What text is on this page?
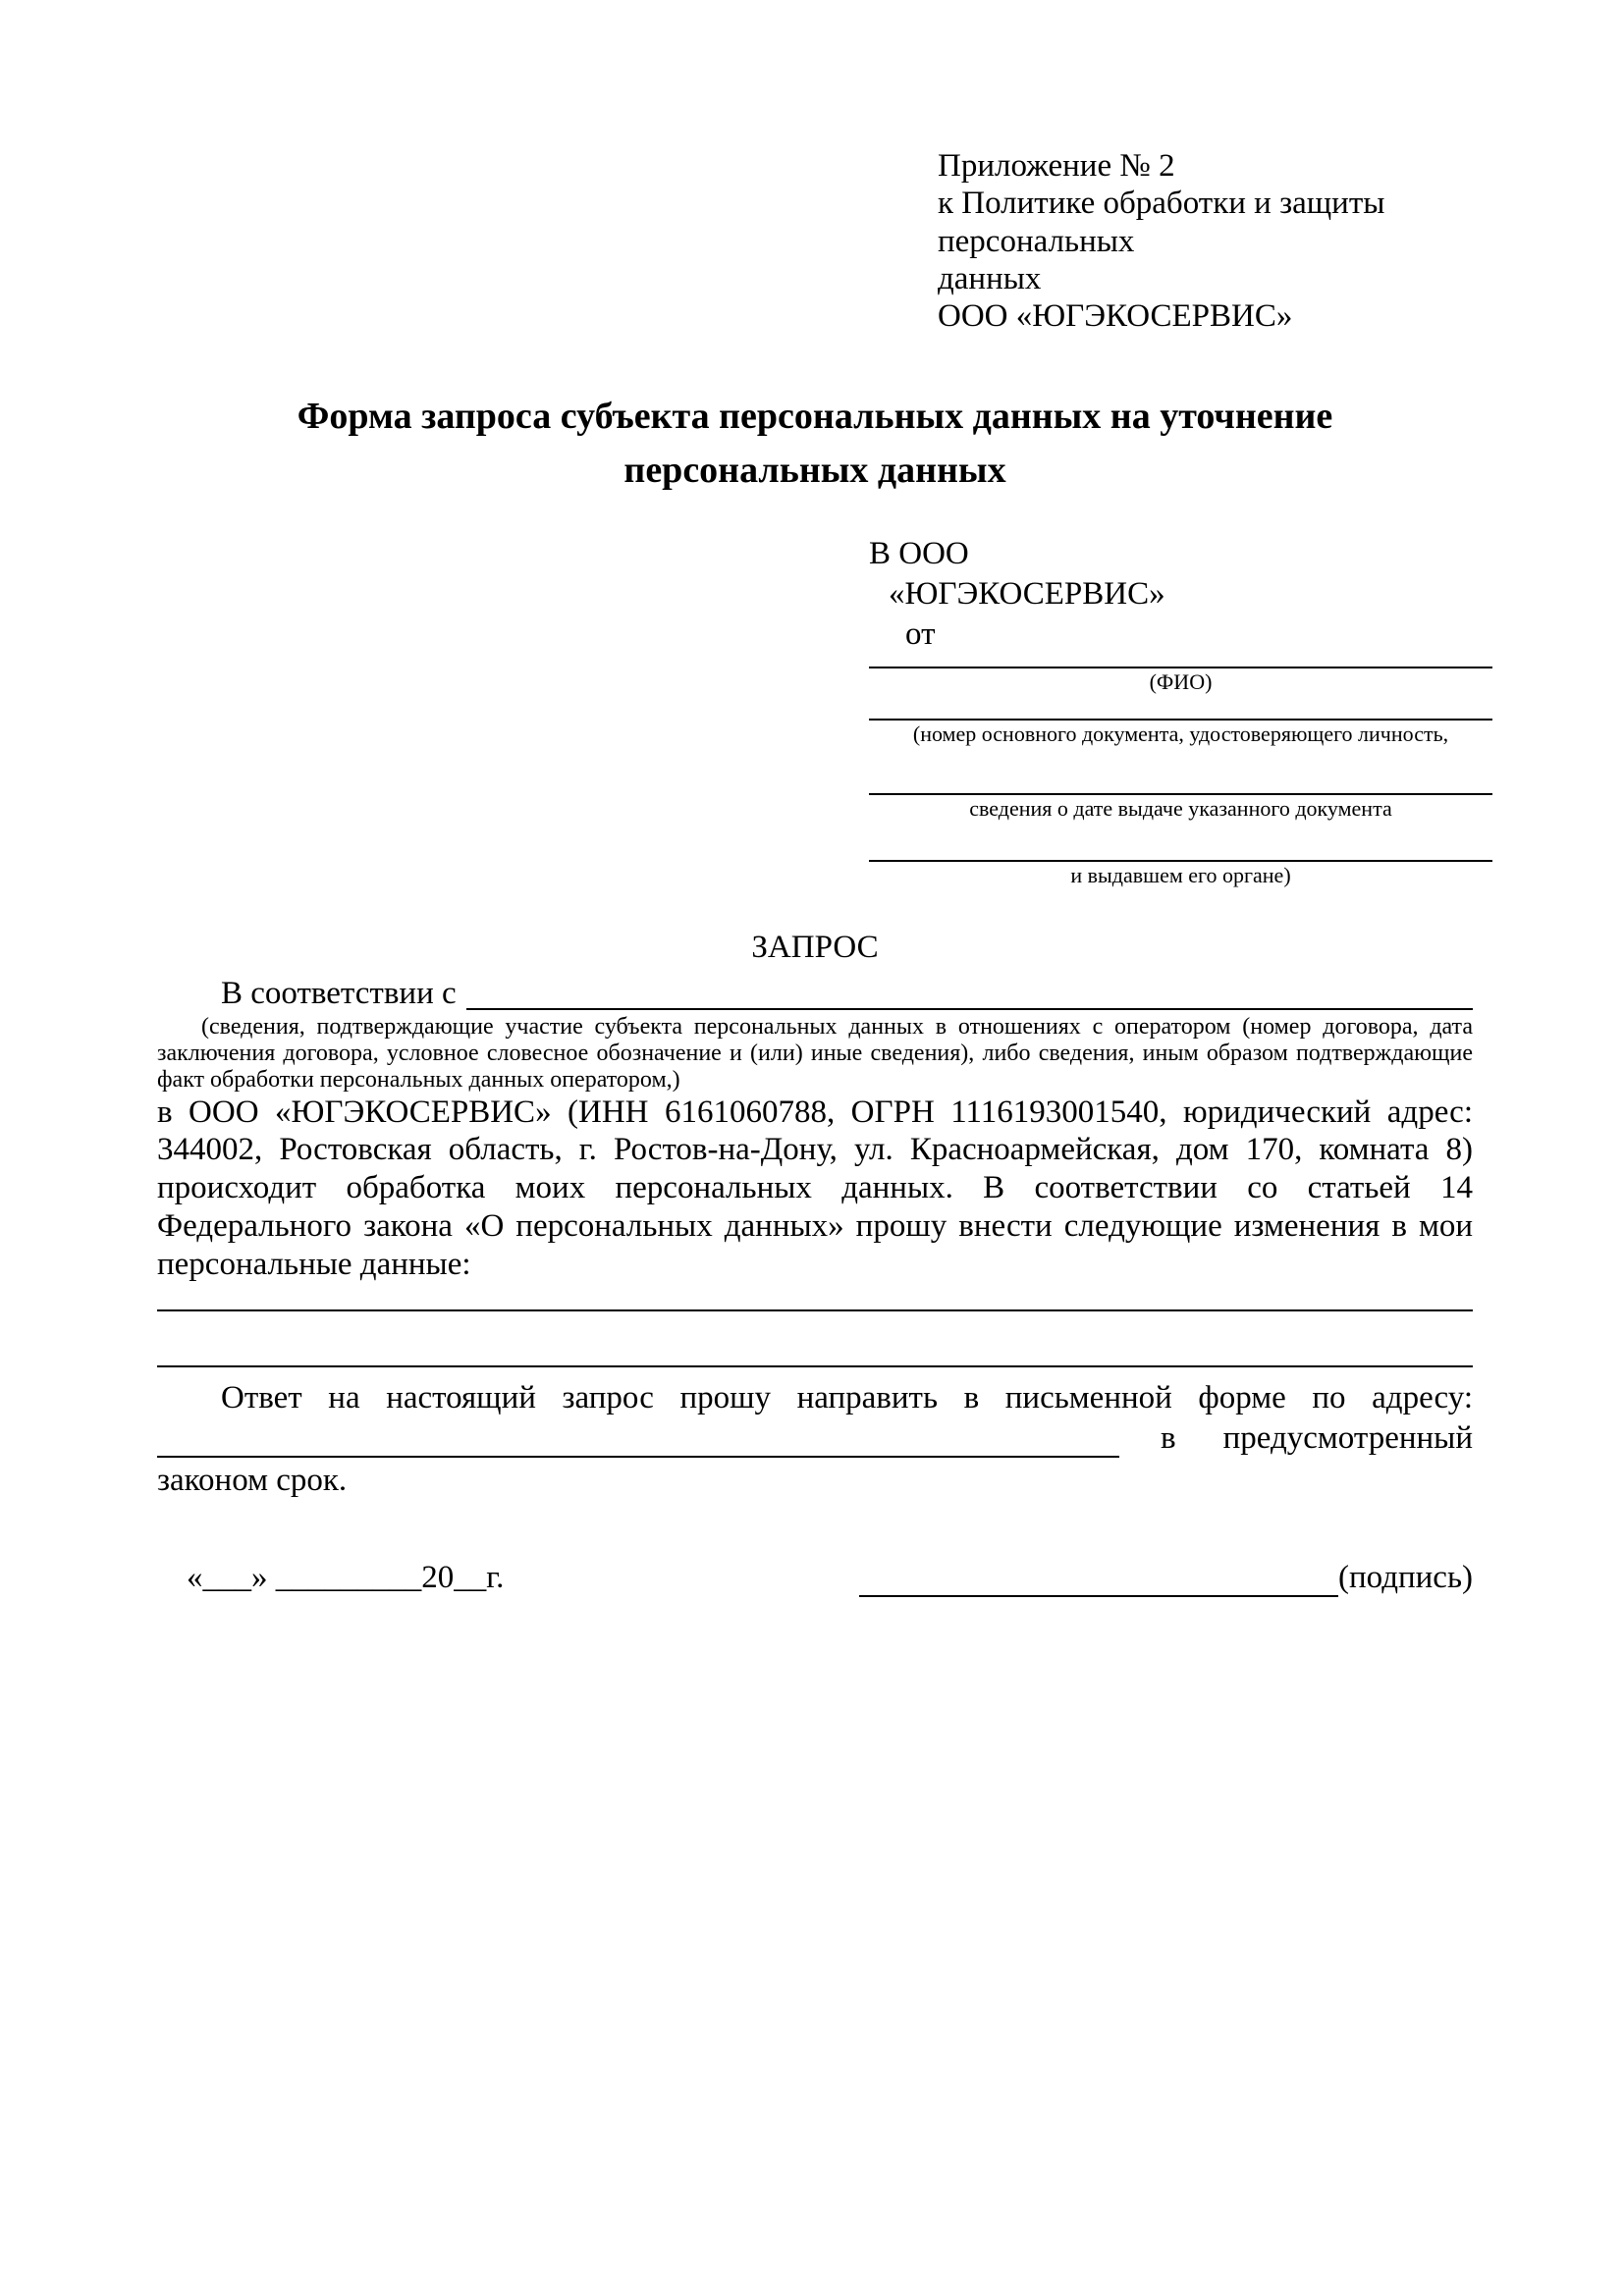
Приложение № 2
к Политике обработки и защиты персональных
данных
ООО «ЮГЭКОСЕРВИС»
Форма запроса субъекта персональных данных на уточнение
персональных данных
В ООО
«ЮГЭКОСЕРВИС»
от
(ФИО)
(номер основного документа, удостоверяющего личность,
сведения о дате выдаче указанного документа
и выдавшем его органе)
ЗАПРОС
В соответствии с
(сведения, подтверждающие участие субъекта персональных данных в отношениях с оператором (номер договора, дата заключения договора, условное словесное обозначение и (или) иные сведения), либо сведения, иным образом подтверждающие факт обработки персональных данных оператором,)
в ООО «ЮГЭКОСЕРВИС» (ИНН 6161060788, ОГРН 1116193001540, юридический адрес: 344002, Ростовская область, г. Ростов-на-Дону, ул. Красноармейская, дом 170, комната 8) происходит обработка моих персональных данных. В соответствии со статьей 14 Федерального закона «О персональных данных» прошу внести следующие изменения в мои персональные данные:
Ответ на настоящий запрос прошу направить в письменной форме по адресу:
в предусмотренный
законом срок.
«___» _________20__г.	(подпись)
